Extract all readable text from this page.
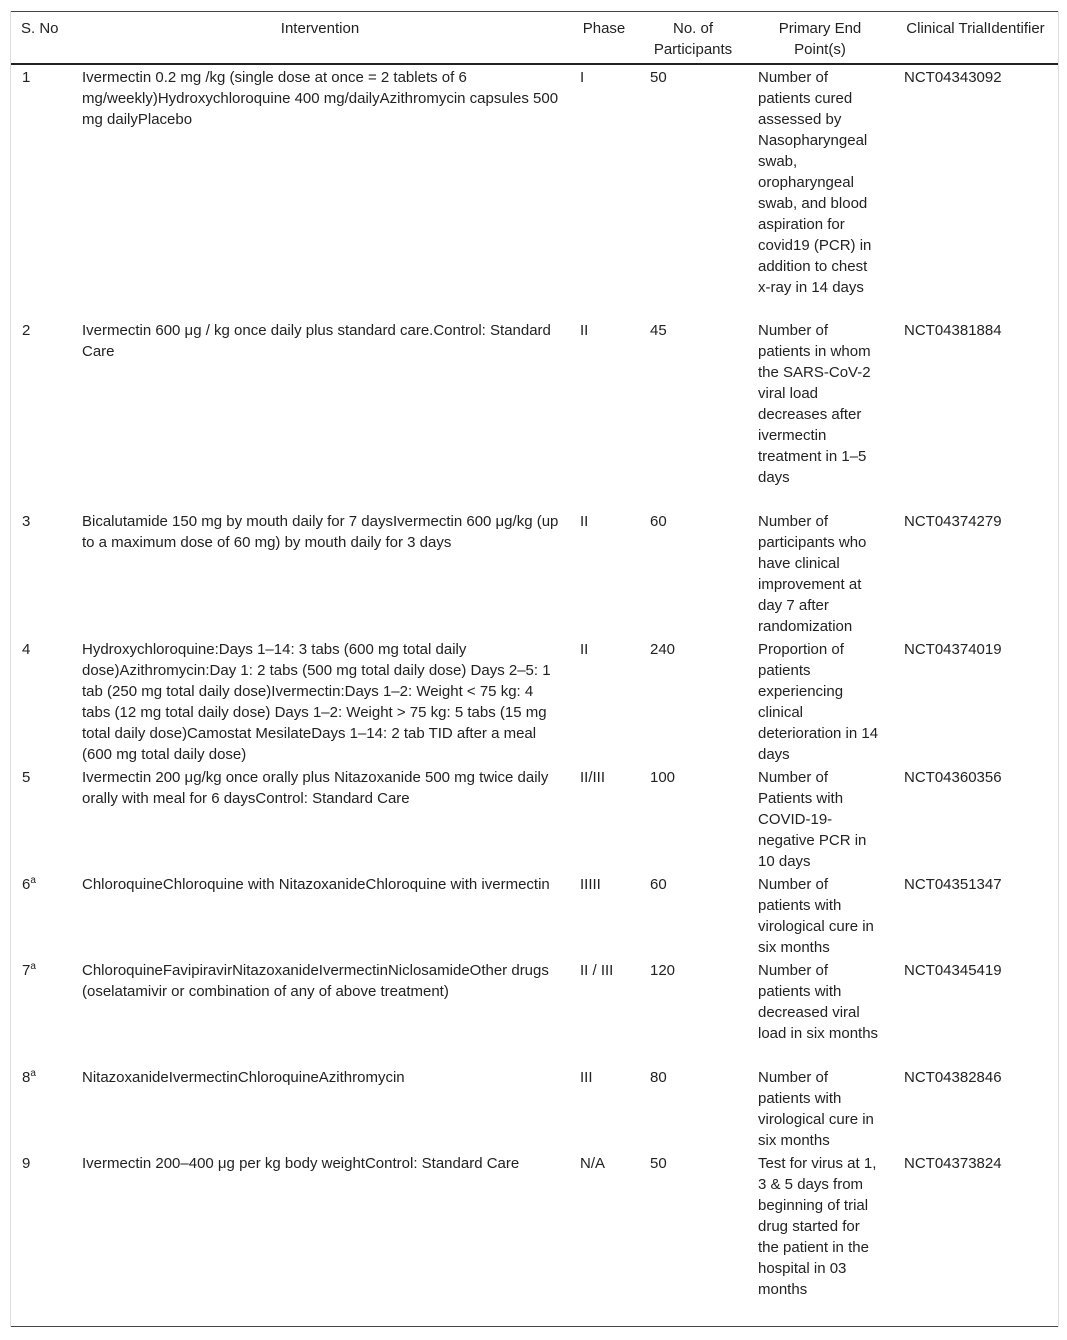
S. No	Intervention	Phase	No. of Participants	Primary End Point(s)	Clinical TrialIdentifier
1	Ivermectin 0.2 mg /kg (single dose at once = 2 tablets of 6 mg/weekly)Hydroxychloroquine 400 mg/dailyAzithromycin capsules 500 mg dailyPlacebo	I	50	Number of patients cured assessed by Nasopharyngeal swab, oropharyngeal swab, and blood aspiration for covid19 (PCR) in addition to chest x-ray in 14 days	NCT04343092
2	Ivermectin 600 μg / kg once daily plus standard care.Control: Standard Care	II	45	Number of patients in whom the SARS-CoV-2 viral load decreases after ivermectin treatment in 1–5 days	NCT04381884
3	Bicalutamide 150 mg by mouth daily for 7 daysIvermectin 600 μg/kg (up to a maximum dose of 60 mg) by mouth daily for 3 days	II	60	Number of participants who have clinical improvement at day 7 after randomization	NCT04374279
4	Hydroxychloroquine:Days 1–14: 3 tabs (600 mg total daily dose)Azithromycin:Day 1: 2 tabs (500 mg total daily dose) Days 2–5: 1 tab (250 mg total daily dose)Ivermectin:Days 1–2: Weight < 75 kg: 4 tabs (12 mg total daily dose) Days 1–2: Weight > 75 kg: 5 tabs (15 mg total daily dose)Camostat MesilateDays 1–14: 2 tab TID after a meal (600 mg total daily dose)	II	240	Proportion of patients experiencing clinical deterioration in 14 days	NCT04374019
5	Ivermectin 200 μg/kg once orally plus Nitazoxanide 500 mg twice daily orally with meal for 6 daysControl: Standard Care	II/III	100	Number of Patients with COVID-19-negative PCR in 10 days	NCT04360356
6$^a$	ChloroquineChloroquine with NitazoxanideChloroquine with ivermectin	IIIII	60	Number of patients with virological cure in six months	NCT04351347
7$^a$	ChloroquineFavipiravirNitazoxanideIvermectinNiclosamideOther drugs (oselatamivir or combination of any of above treatment)	II / III	120	Number of patients with decreased viral load in six months	NCT04345419
8$^a$	NitazoxanideIvermectinChloroquineAzithromycin	III	80	Number of patients with virological cure in six months	NCT04382846
9	Ivermectin 200–400 μg per kg body weightControl: Standard Care	N/A	50	Test for virus at 1, 3 & 5 days from beginning of trial drug started for the patient in the hospital in 03 months	NCT04373824
